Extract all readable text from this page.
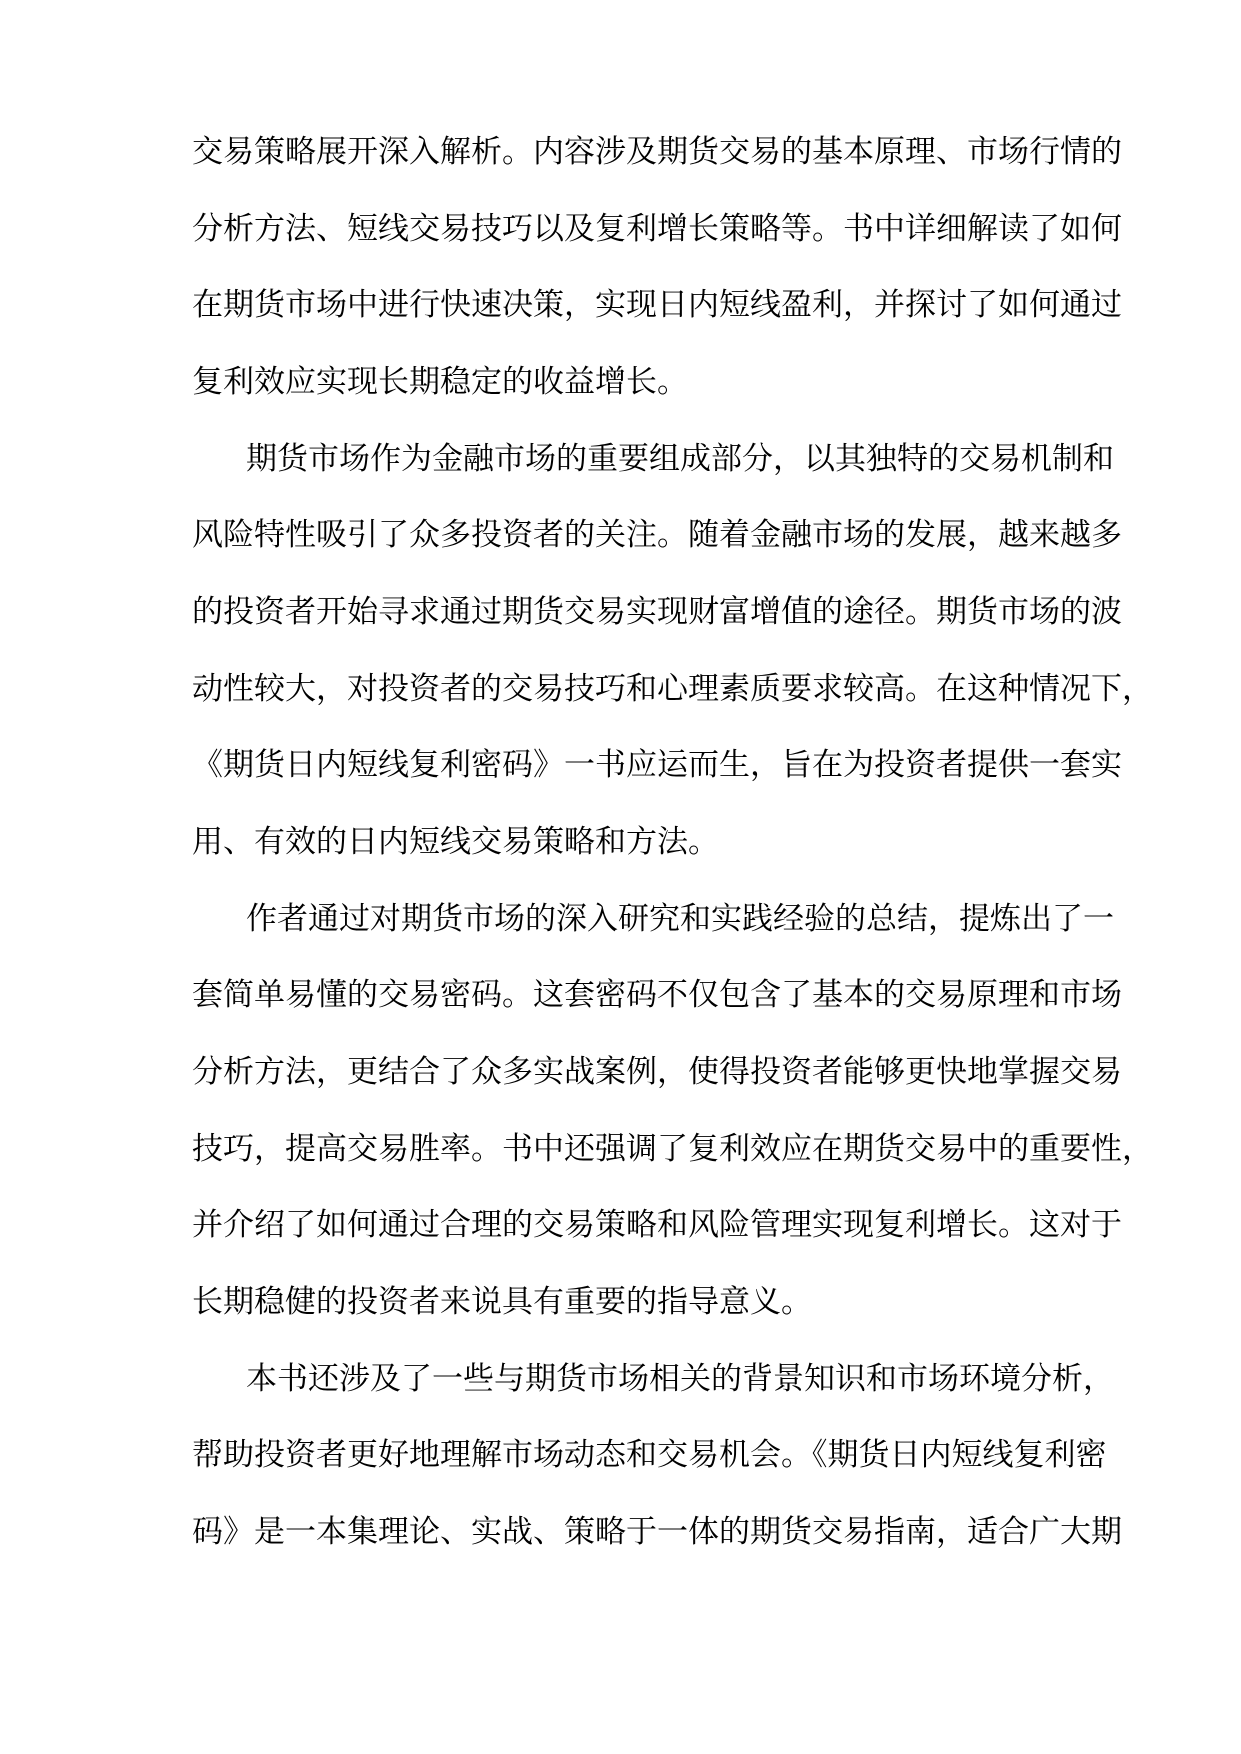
交易策略展开深入解析。内容涉及期货交易的基本原理、市场行情的
分析方法、短线交易技巧以及复利增长策略等。书中详细解读了如何
在期货市场中进行快速决策，实现日内短线盈利，并探讨了如何通过
复利效应实现长期稳定的收益增长。
期货市场作为金融市场的重要组成部分，以其独特的交易机制和
风险特性吸引了众多投资者的关注。随着金融市场的发展，越来越多
的投资者开始寻求通过期货交易实现财富增值的途径。期货市场的波
动性较大，对投资者的交易技巧和心理素质要求较高。在这种情况下，
《期货日内短线复利密码》一书应运而生，旨在为投资者提供一套实
用、有效的日内短线交易策略和方法。
作者通过对期货市场的深入研究和实践经验的总结，提炼出了一
套简单易懂的交易密码。这套密码不仅包含了基本的交易原理和市场
分析方法，更结合了众多实战案例，使得投资者能够更快地掌握交易
技巧，提高交易胜率。书中还强调了复利效应在期货交易中的重要性，
并介绍了如何通过合理的交易策略和风险管理实现复利增长。这对于
长期稳健的投资者来说具有重要的指导意义。
本书还涉及了一些与期货市场相关的背景知识和市场环境分析，
帮助投资者更好地理解市场动态和交易机会。《期货日内短线复利密
码》是一本集理论、实战、策略于一体的期货交易指南，适合广大期
